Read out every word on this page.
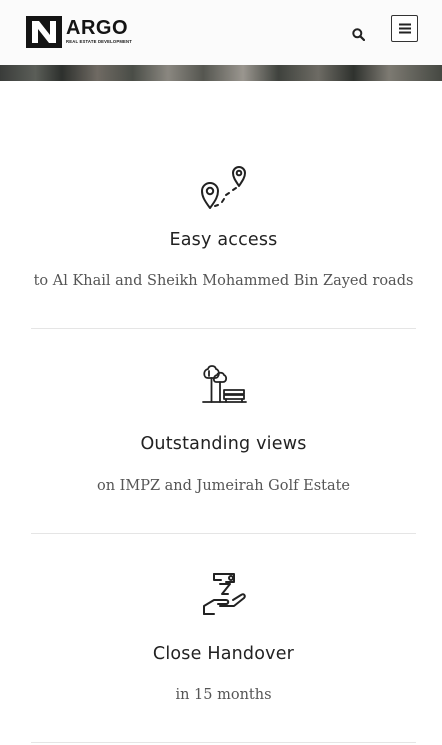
ARGO
REAL ESTATE DEVELOPMENT
Easy access
to Al Khail and Sheikh Mohammed Bin Zayed roads
Outstanding views
on IMPZ and Jumeirah Golf Estate
Close Handover
in 15 months
